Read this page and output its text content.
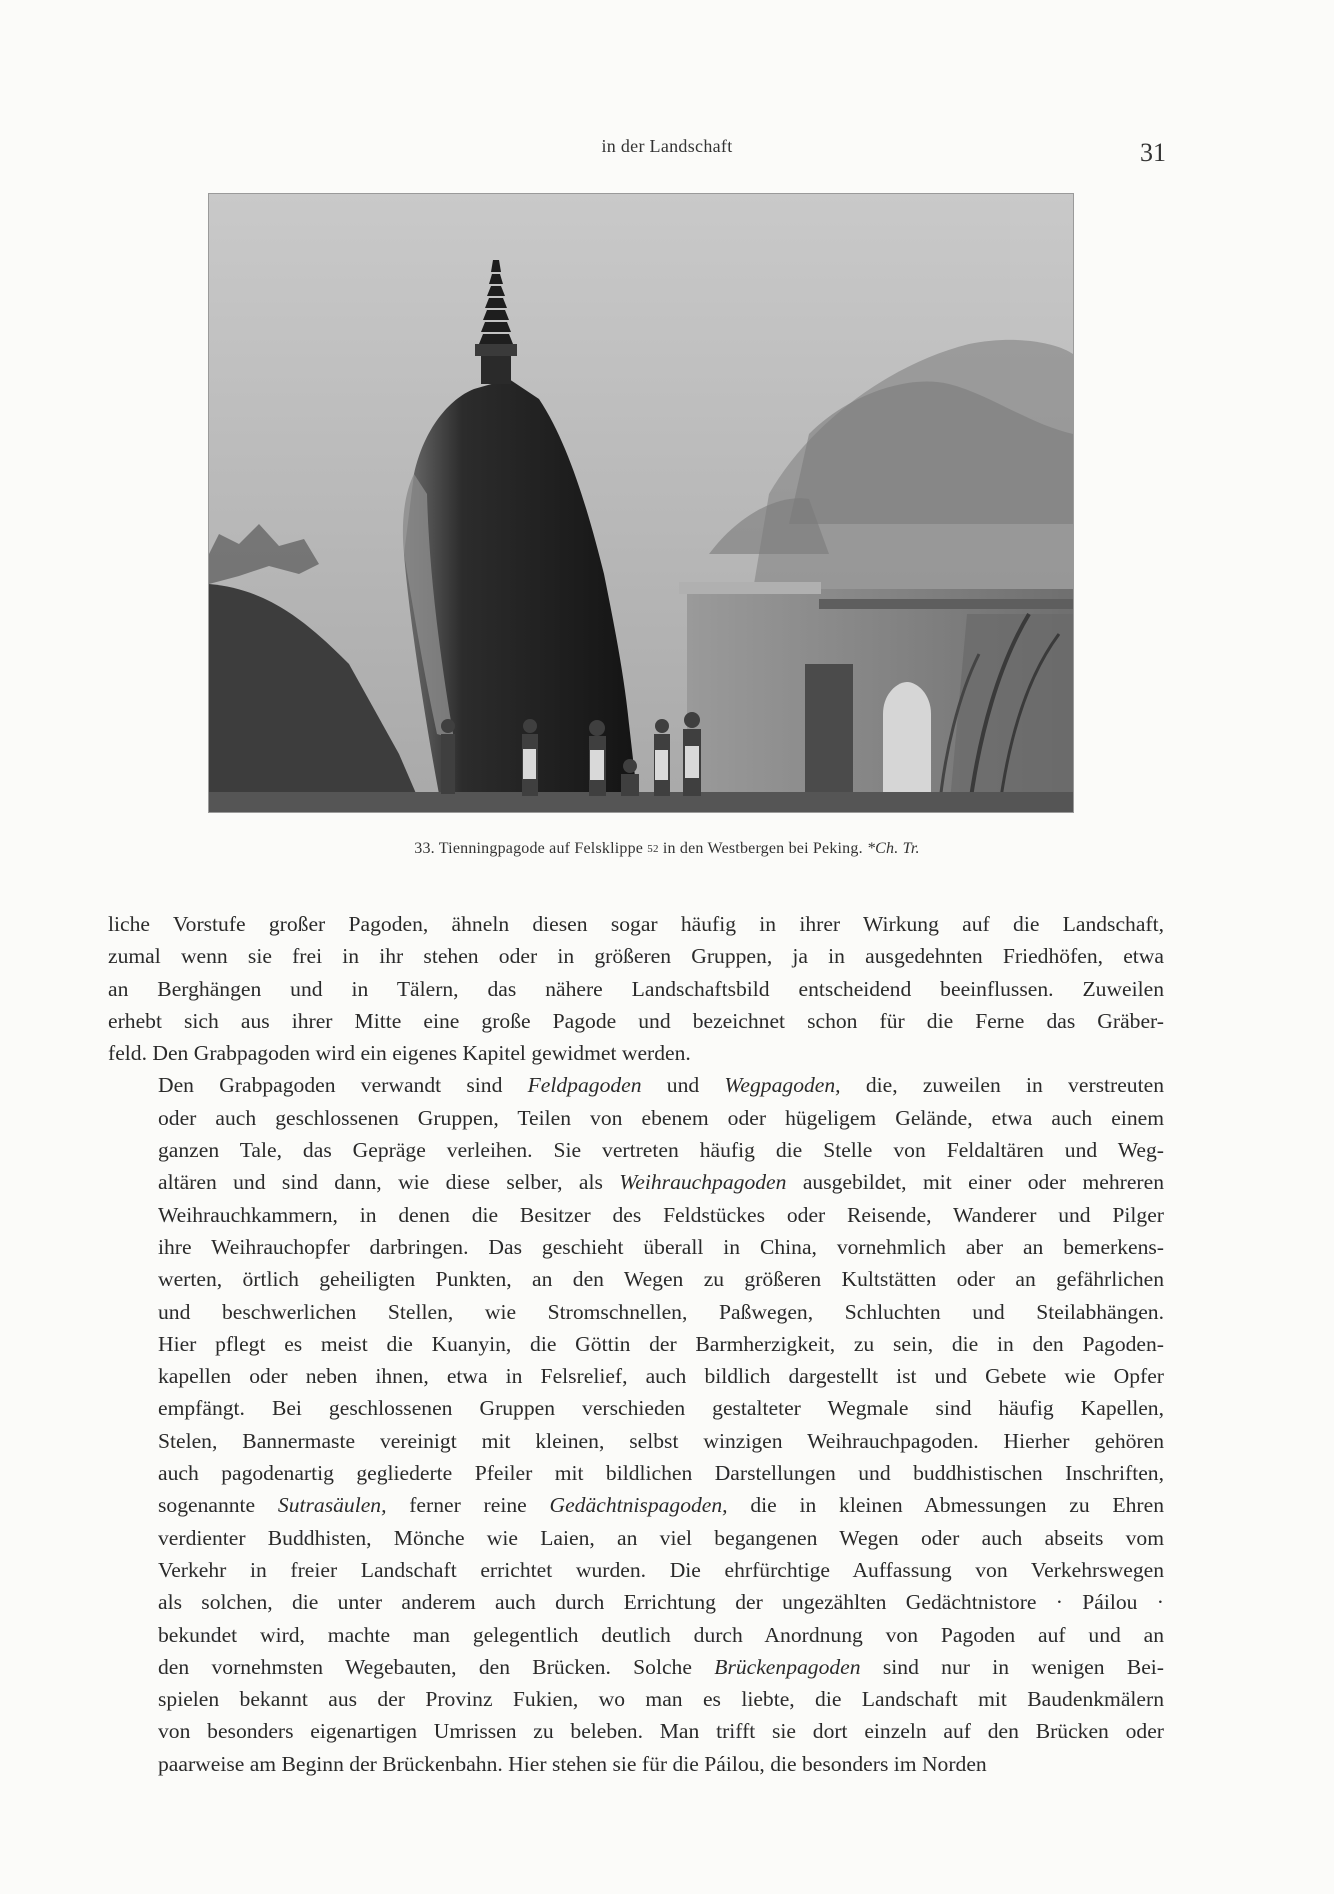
in der Landschaft	31
33. Tienningpagode auf Felsklippe 52 in den Westbergen bei Peking. *Ch. Tr.

liche Vorstufe großer Pagoden, ähneln diesen sogar häufig in ihrer Wirkung auf die Landschaft,
zumal wenn sie frei in ihr stehen oder in größeren Gruppen, ja in ausgedehnten Friedhöfen, etwa
an Berghängen und in Tälern, das nähere Landschaftsbild entscheidend beeinflussen. Zuweilen
erhebt sich aus ihrer Mitte eine große Pagode und bezeichnet schon für die Ferne das Gräber-
feld. Den Grabpagoden wird ein eigenes Kapitel gewidmet werden.

Den Grabpagoden verwandt sind Feldpagoden und Wegpagoden, die, zuweilen in verstreuten
oder auch geschlossenen Gruppen, Teilen von ebenem oder hügeligem Gelände, etwa auch einem
ganzen Tale, das Gepräge verleihen. Sie vertreten häufig die Stelle von Feldaltären und Weg-
altären und sind dann, wie diese selber, als Weihrauchpagoden ausgebildet, mit einer oder mehreren
Weihrauchkammern, in denen die Besitzer des Feldstückes oder Reisende, Wanderer und Pilger
ihre Weihrauchopfer darbringen. Das geschieht überall in China, vornehmlich aber an bemerkens-
werten, örtlich geheiligten Punkten, an den Wegen zu größeren Kultstätten oder an gefährlichen
und beschwerlichen Stellen, wie Stromschnellen, Paßwegen, Schluchten und Steilabhängen.
Hier pflegt es meist die Kuanyin, die Göttin der Barmherzigkeit, zu sein, die in den Pagoden-
kapellen oder neben ihnen, etwa in Felsrelief, auch bildlich dargestellt ist und Gebete wie Opfer
empfängt. Bei geschlossenen Gruppen verschieden gestalteter Wegmale sind häufig Kapellen,
Stelen, Bannermaste vereinigt mit kleinen, selbst winzigen Weihrauchpagoden. Hierher gehören
auch pagodenartig gegliederte Pfeiler mit bildlichen Darstellungen und buddhistischen Inschriften,
sogenannte Sutrasäulen, ferner reine Gedächtnispagoden, die in kleinen Abmessungen zu Ehren
verdienter Buddhisten, Mönche wie Laien, an viel begangenen Wegen oder auch abseits vom
Verkehr in freier Landschaft errichtet wurden. Die ehrfürchtige Auffassung von Verkehrswegen
als solchen, die unter anderem auch durch Errichtung der ungezählten Gedächtnistore · Páilou ·
bekundet wird, machte man gelegentlich deutlich durch Anordnung von Pagoden auf und an
den vornehmsten Wegebauten, den Brücken. Solche Brückenpagoden sind nur in wenigen Bei-
spielen bekannt aus der Provinz Fukien, wo man es liebte, die Landschaft mit Baudenkmälern
von besonders eigenartigen Umrissen zu beleben. Man trifft sie dort einzeln auf den Brücken oder
paarweise am Beginn der Brückenbahn. Hier stehen sie für die Páilou, die besonders im Norden
